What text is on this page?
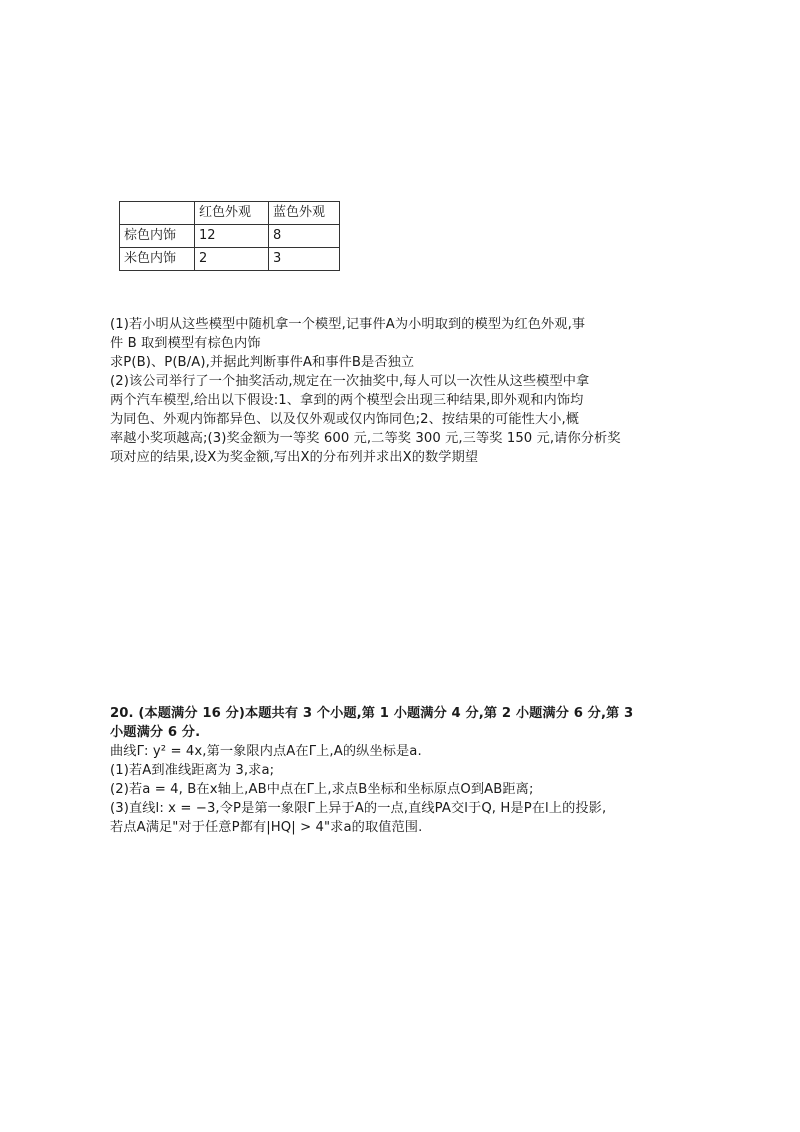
	红色外观	蓝色外观
棕色内饰	12	8
米色内饰	2	3
(1)若小明从这些模型中随机拿一个模型,记事件A为小明取到的模型为红色外观,事
件 B 取到模型有棕色内饰
求P(B)、P(B/A),并据此判断事件A和事件B是否独立
(2)该公司举行了一个抽奖活动,规定在一次抽奖中,每人可以一次性从这些模型中拿
两个汽车模型,给出以下假设:1、拿到的两个模型会出现三种结果,即外观和内饰均
为同色、外观内饰都异色、以及仅外观或仅内饰同色;2、按结果的可能性大小,概
率越小奖项越高;(3)奖金额为一等奖 600 元,二等奖 300 元,三等奖 150 元,请你分析奖
项对应的结果,设X为奖金额,写出X的分布列并求出X的数学期望
20. (本题满分 16 分)本题共有 3 个小题,第 1 小题满分 4 分,第 2 小题满分 6 分,第 3
小题满分 6 分.
曲线Γ: y² = 4x,第一象限内点A在Γ上,A的纵坐标是a.
(1)若A到准线距离为 3,求a;
(2)若a = 4, B在x轴上,AB中点在Γ上,求点B坐标和坐标原点O到AB距离;
(3)直线l: x = −3,令P是第一象限Γ上异于A的一点,直线PA交l于Q, H是P在l上的投影,
若点A满足"对于任意P都有|HQ| > 4"求a的取值范围.
